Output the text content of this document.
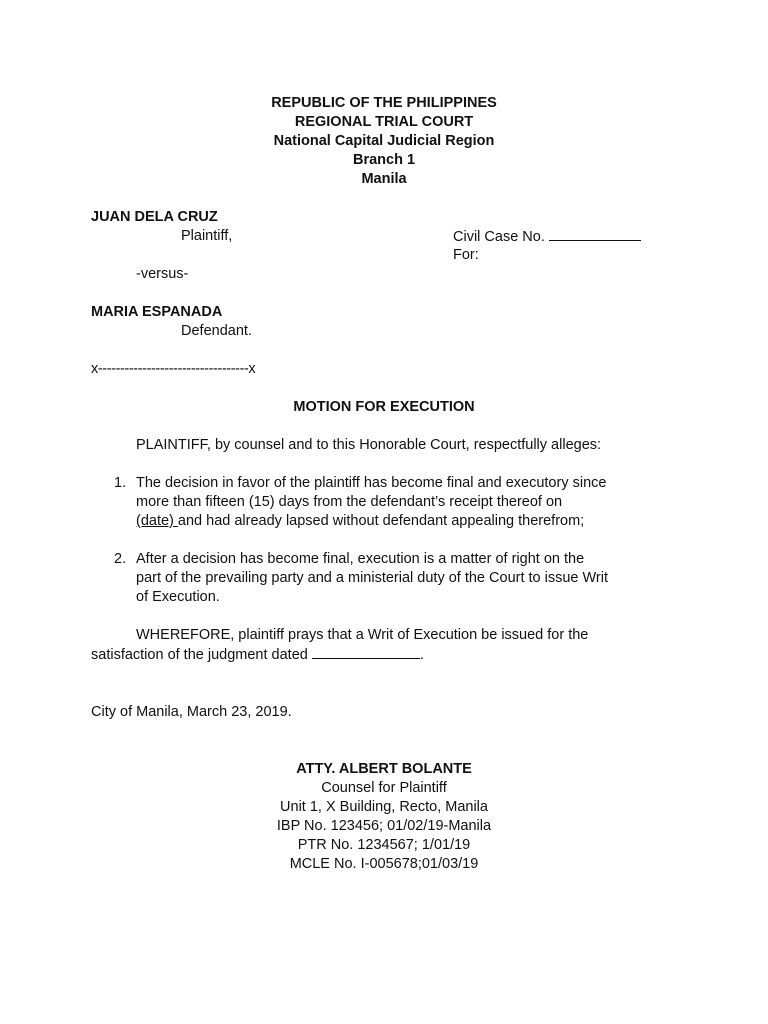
REPUBLIC OF THE PHILIPPINES
REGIONAL TRIAL COURT
National Capital Judicial Region
Branch 1
Manila
JUAN DELA CRUZ
Plaintiff,	Civil Case No.
For:
-versus-
MARIA ESPANADA
Defendant.
x----------------------------------x
MOTION FOR EXECUTION
PLAINTIFF, by counsel and to this Honorable Court, respectfully alleges:
1. The decision in favor of the plaintiff has become final and executory since
more than fifteen (15) days from the defendant’s receipt thereof on
(date) and had already lapsed without defendant appealing therefrom;
2. After a decision has become final, execution is a matter of right on the
part of the prevailing party and a ministerial duty of the Court to issue Writ
of Execution.
WHEREFORE, plaintiff prays that a Writ of Execution be issued for the
satisfaction of the judgment dated	.
City of Manila, March 23, 2019.
ATTY. ALBERT BOLANTE
Counsel for Plaintiff
Unit 1, X Building, Recto, Manila
IBP No. 123456; 01/02/19-Manila
PTR No. 1234567; 1/01/19
MCLE No. I-005678;01/03/19
